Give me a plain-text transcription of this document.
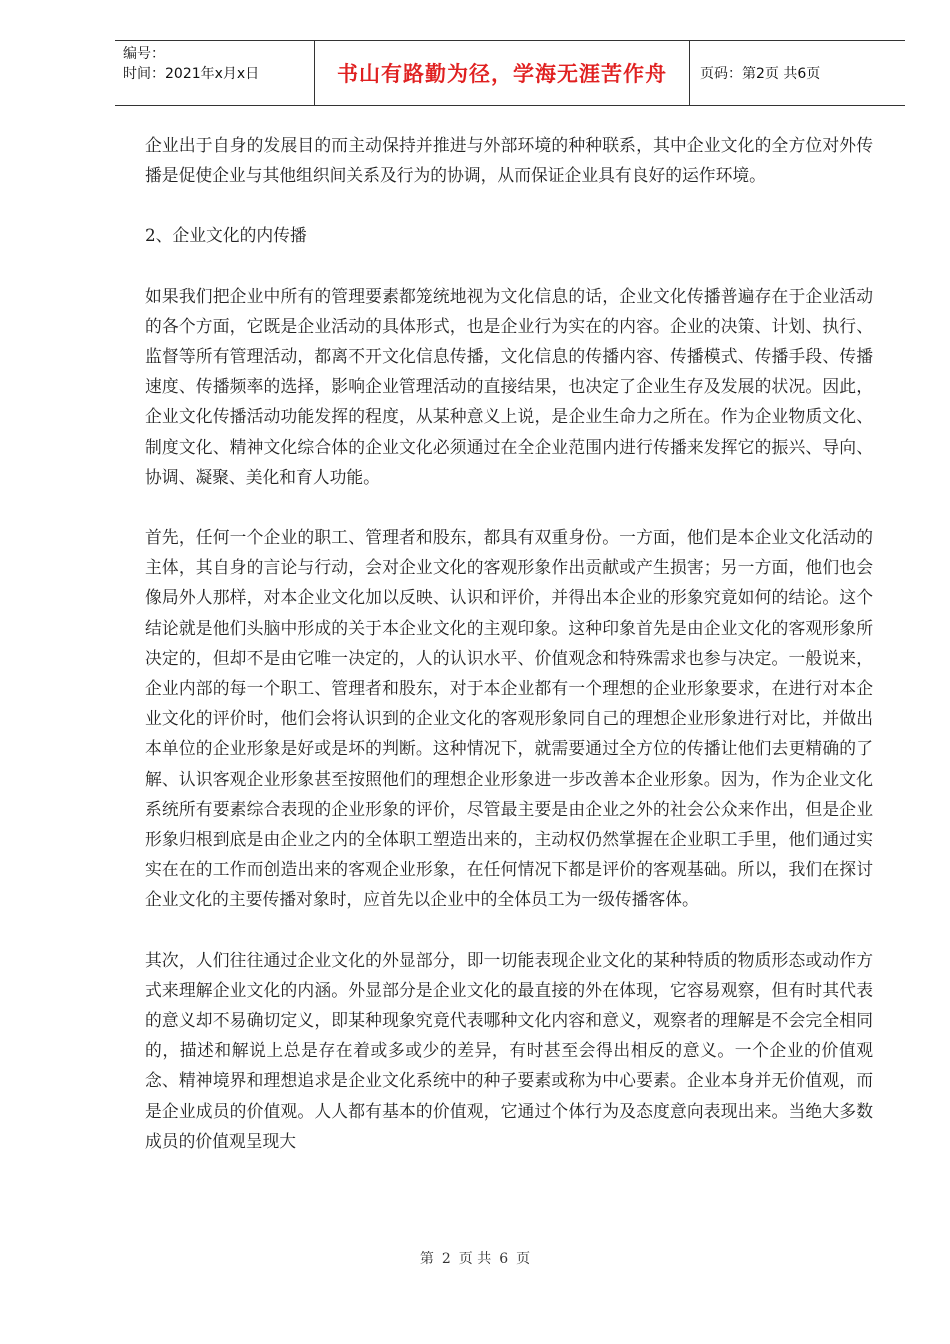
编号：
时间：2021年x月x日	书山有路勤为径，学海无涯苦作舟	页码：第2页 共6页

企业出于自身的发展目的而主动保持并推进与外部环境的种种联系，其中企业文化的全方位对外传播是促使企业与其他组织间关系及行为的协调，从而保证企业具有良好的运作环境。

2、企业文化的内传播

如果我们把企业中所有的管理要素都笼统地视为文化信息的话，企业文化传播普遍存在于企业活动的各个方面，它既是企业活动的具体形式，也是企业行为实在的内容。企业的决策、计划、执行、监督等所有管理活动，都离不开文化信息传播，文化信息的传播内容、传播模式、传播手段、传播速度、传播频率的选择，影响企业管理活动的直接结果，也决定了企业生存及发展的状况。因此，企业文化传播活动功能发挥的程度，从某种意义上说，是企业生命力之所在。作为企业物质文化、制度文化、精神文化综合体的企业文化必须通过在全企业范围内进行传播来发挥它的振兴、导向、协调、凝聚、美化和育人功能。

首先，任何一个企业的职工、管理者和股东，都具有双重身份。一方面，他们是本企业文化活动的主体，其自身的言论与行动，会对企业文化的客观形象作出贡献或产生损害；另一方面，他们也会像局外人那样，对本企业文化加以反映、认识和评价，并得出本企业的形象究竟如何的结论。这个结论就是他们头脑中形成的关于本企业文化的主观印象。这种印象首先是由企业文化的客观形象所决定的，但却不是由它唯一决定的，人的认识水平、价值观念和特殊需求也参与决定。一般说来，企业内部的每一个职工、管理者和股东，对于本企业都有一个理想的企业形象要求，在进行对本企业文化的评价时，他们会将认识到的企业文化的客观形象同自己的理想企业形象进行对比，并做出本单位的企业形象是好或是坏的判断。这种情况下，就需要通过全方位的传播让他们去更精确的了解、认识客观企业形象甚至按照他们的理想企业形象进一步改善本企业形象。因为，作为企业文化系统所有要素综合表现的企业形象的评价，尽管最主要是由企业之外的社会公众来作出，但是企业形象归根到底是由企业之内的全体职工塑造出来的，主动权仍然掌握在企业职工手里，他们通过实实在在的工作而创造出来的客观企业形象，在任何情况下都是评价的客观基础。所以，我们在探讨企业文化的主要传播对象时，应首先以企业中的全体员工为一级传播客体。

其次，人们往往通过企业文化的外显部分，即一切能表现企业文化的某种特质的物质形态或动作方式来理解企业文化的内涵。外显部分是企业文化的最直接的外在体现，它容易观察，但有时其代表的意义却不易确切定义，即某种现象究竟代表哪种文化内容和意义，观察者的理解是不会完全相同的，描述和解说上总是存在着或多或少的差异，有时甚至会得出相反的意义。一个企业的价值观念、精神境界和理想追求是企业文化系统中的种子要素或称为中心要素。企业本身并无价值观，而是企业成员的价值观。人人都有基本的价值观，它通过个体行为及态度意向表现出来。当绝大多数成员的价值观呈现大

第 2 页 共 6 页
